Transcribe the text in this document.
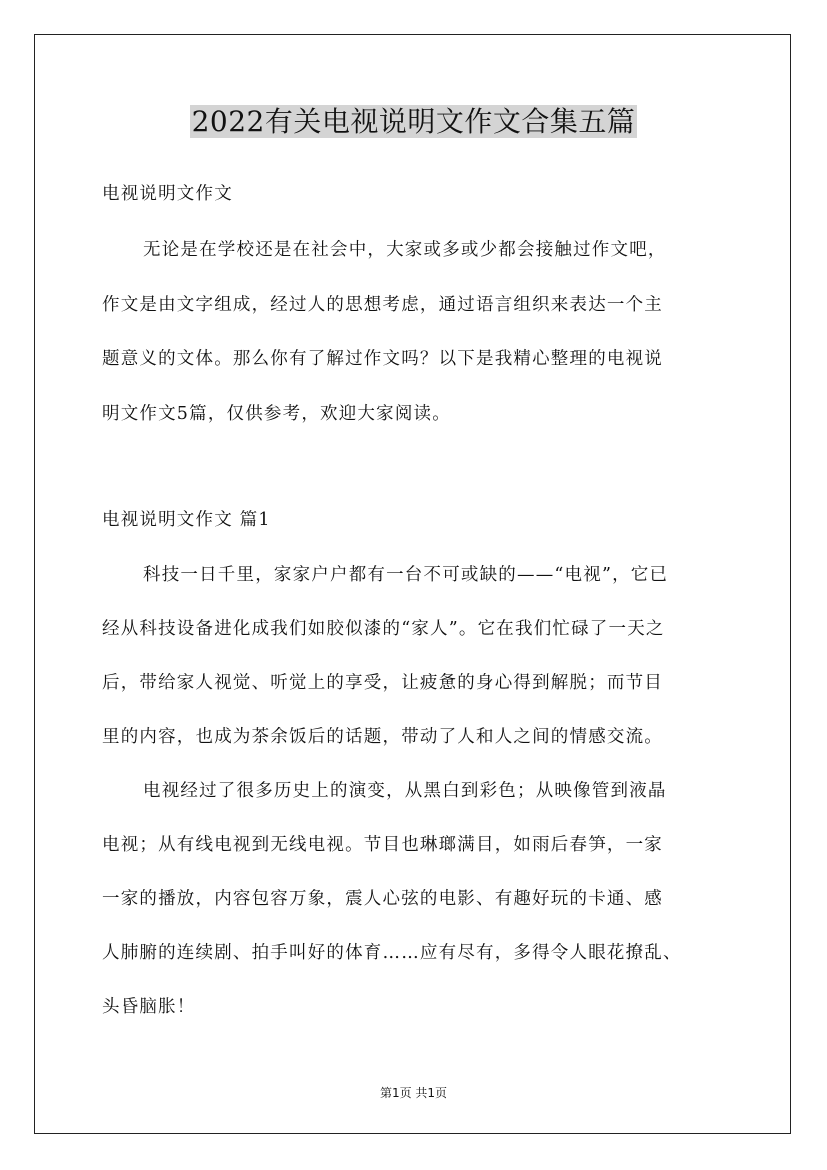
2022有关电视说明文作文合集五篇
电视说明文作文
无论是在学校还是在社会中，大家或多或少都会接触过作文吧，
作文是由文字组成，经过人的思想考虑，通过语言组织来表达一个主
题意义的文体。那么你有了解过作文吗？以下是我精心整理的电视说
明文作文5篇，仅供参考，欢迎大家阅读。
电视说明文作文 篇1
科技一日千里，家家户户都有一台不可或缺的——“电视”，它已
经从科技设备进化成我们如胶似漆的“家人”。它在我们忙碌了一天之
后，带给家人视觉、听觉上的享受，让疲惫的身心得到解脱；而节目
里的内容，也成为茶余饭后的话题，带动了人和人之间的情感交流。
电视经过了很多历史上的演变，从黑白到彩色；从映像管到液晶
电视；从有线电视到无线电视。节目也琳瑯满目，如雨后春笋，一家
一家的播放，内容包容万象，震人心弦的电影、有趣好玩的卡通、感
人肺腑的连续剧、拍手叫好的体育……应有尽有，多得令人眼花撩乱、
头昏脑胀！
第1页 共1页
